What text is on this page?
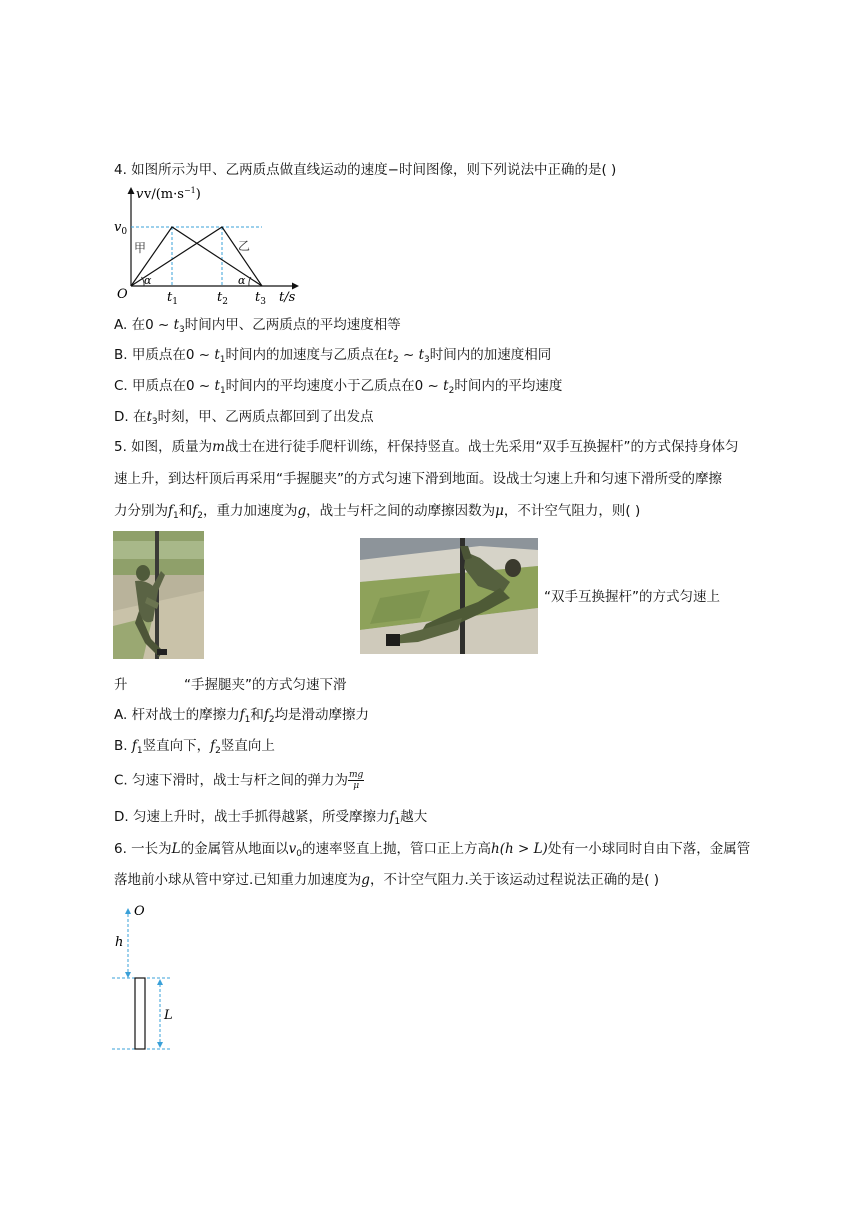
4. 如图所示为甲、乙两质点做直线运动的速度−时间图像，则下列说法中正确的是( )
v $v/(m\cdot s^{-1})$
$v_0$
甲	乙
α	α
O	$t_1$	$t_2$ $t_3$ t/s
A. 在0 ~ $t_3$时间内甲、乙两质点的平均速度相等
B. 甲质点在0 ~ $t_1$时间内的加速度与乙质点在$t_2$ ~ $t_3$时间内的加速度相同
C. 甲质点在0 ~ $t_1$时间内的平均速度小于乙质点在0 ~ $t_2$时间内的平均速度
D. 在$t_3$时刻，甲、乙两质点都回到了出发点
5. 如图，质量为m战士在进行徒手爬杆训练，杆保持竖直。战士先采用“双手互换握杆”的方式保持身体匀
速上升，到达杆顶后再采用“手握腿夹”的方式匀速下滑到地面。设战士匀速上升和匀速下滑所受的摩擦
力分别为$f_1$和$f_2$，重力加速度为g，战士与杆之间的动摩擦因数为μ，不计空气阻力，则( )
“双手互换握杆”的方式匀速上
升	“手握腿夹”的方式匀速下滑
A. 杆对战士的摩擦力$f_1$和$f_2$均是滑动摩擦力
B. $f_1$竖直向下，$f_2$竖直向上
C. 匀速下滑时，战士与杆之间的弹力为 $\frac{mg}{\mu}$
D. 匀速上升时，战士手抓得越紧，所受摩擦力$f_1$越大
6. 一长为L的金属管从地面以$v_0$的速率竖直上抛，管口正上方高h(h > L)处有一小球同时自由下落，金属管
落地前小球从管中穿过.已知重力加速度为g，不计空气阻力.关于该运动过程说法正确的是( )
O
h
L
